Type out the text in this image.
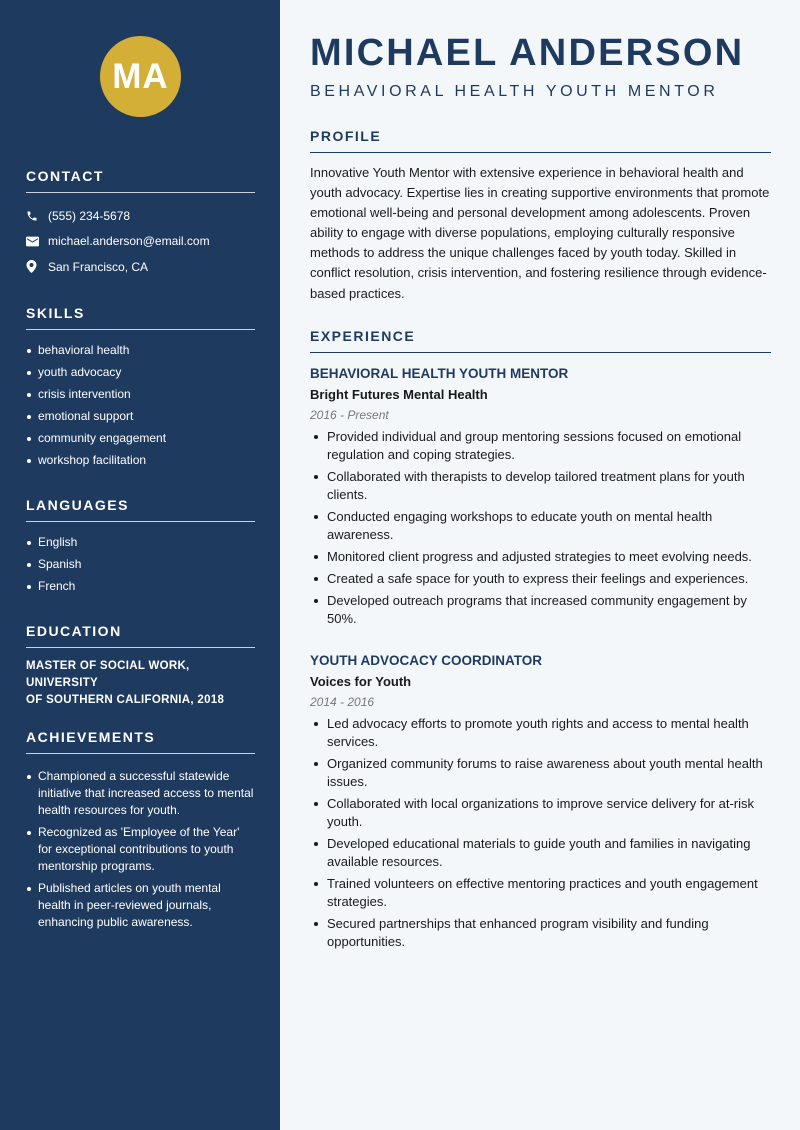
MA
CONTACT
(555) 234-5678
michael.anderson@email.com
San Francisco, CA
SKILLS
behavioral health
youth advocacy
crisis intervention
emotional support
community engagement
workshop facilitation
LANGUAGES
English
Spanish
French
EDUCATION
MASTER OF SOCIAL WORK, UNIVERSITY
OF SOUTHERN CALIFORNIA, 2018
ACHIEVEMENTS
Championed a successful statewide initiative that increased access to mental health resources for youth.
Recognized as 'Employee of the Year' for exceptional contributions to youth mentorship programs.
Published articles on youth mental health in peer-reviewed journals, enhancing public awareness.
MICHAEL ANDERSON
BEHAVIORAL HEALTH YOUTH MENTOR
PROFILE

Innovative Youth Mentor with extensive experience in behavioral health and youth advocacy. Expertise lies in creating supportive environments that promote emotional well-being and personal development among adolescents. Proven ability to engage with diverse populations, employing culturally responsive methods to address the unique challenges faced by youth today. Skilled in conflict resolution, crisis intervention, and fostering resilience through evidence-based practices.

EXPERIENCE
BEHAVIORAL HEALTH YOUTH MENTOR
Bright Futures Mental Health
2016 - Present
Provided individual and group mentoring sessions focused on emotional regulation and coping strategies.
Collaborated with therapists to develop tailored treatment plans for youth clients.
Conducted engaging workshops to educate youth on mental health awareness.
Monitored client progress and adjusted strategies to meet evolving needs.
Created a safe space for youth to express their feelings and experiences.
Developed outreach programs that increased community engagement by 50%.
YOUTH ADVOCACY COORDINATOR
Voices for Youth
2014 - 2016
Led advocacy efforts to promote youth rights and access to mental health services.
Organized community forums to raise awareness about youth mental health issues.
Collaborated with local organizations to improve service delivery for at-risk youth.
Developed educational materials to guide youth and families in navigating available resources.
Trained volunteers on effective mentoring practices and youth engagement strategies.
Secured partnerships that enhanced program visibility and funding opportunities.
